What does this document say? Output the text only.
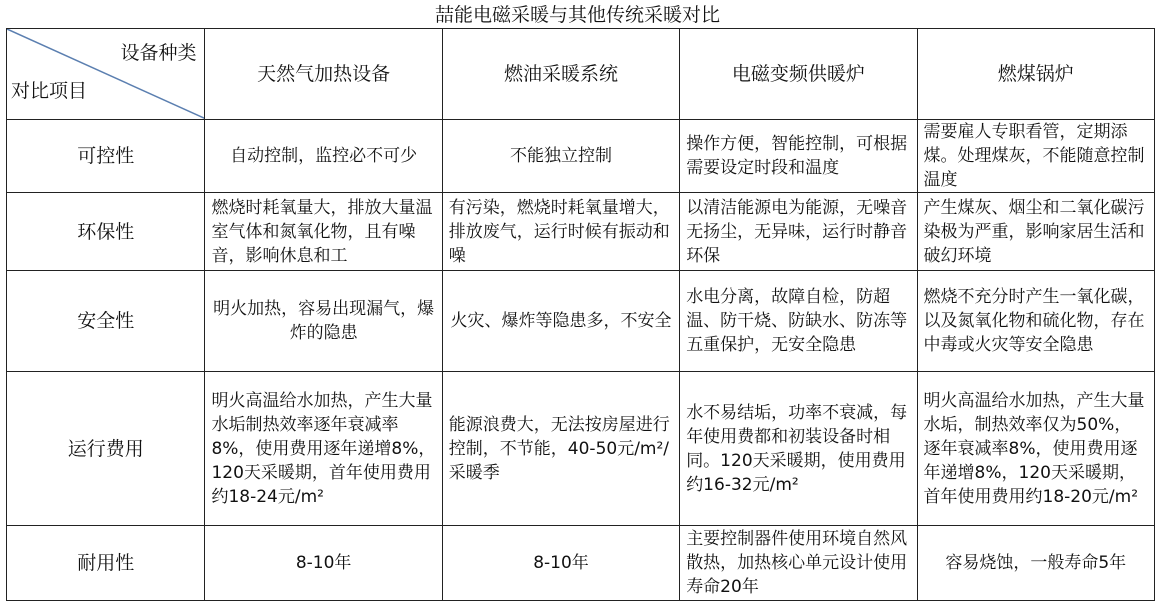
喆能电磁采暖与其他传统采暖对比
设备种类
对比项目	天然气加热设备	燃油采暖系统	电磁变频供暖炉	燃煤锅炉
可控性	自动控制，监控必不可少	不能独立控制	操作方便，智能控制，可根据需要设定时段和温度	需要雇人专职看管，定期添煤。处理煤灰，不能随意控制温度
环保性	燃烧时耗氧量大，排放大量温室气体和氮氧化物，且有噪音，影响休息和工	有污染，燃烧时耗氧量增大，排放废气，运行时候有振动和噪	以清洁能源电为能源，无噪音无扬尘，无异味，运行时静音环保	产生煤灰、烟尘和二氧化碳污染极为严重，影响家居生活和破幻环境
安全性	明火加热，容易出现漏气，爆炸的隐患	火灾、爆炸等隐患多，不安全	水电分离，故障自检，防超温、防干烧、防缺水、防冻等五重保护，无安全隐患	燃烧不充分时产生一氧化碳，以及氮氧化物和硫化物，存在中毒或火灾等安全隐患
运行费用	明火高温给水加热，产生大量水垢制热效率逐年衰减率8%，使用费用逐年递增8%，120天采暖期，首年使用费用约18-24元/m²	能源浪费大，无法按房屋进行控制，不节能，40-50元/m²/采暖季	水不易结垢，功率不衰减，每年使用费都和初装设备时相同。120天采暖期，使用费用约16-32元/m²	明火高温给水加热，产生大量水垢，制热效率仅为50%，逐年衰减率8%，使用费用逐年递增8%，120天采暖期，首年使用费用约18-20元/m²
耐用性	8-10年	8-10年	主要控制器件使用环境自然风散热，加热核心单元设计使用寿命20年	容易烧蚀，一般寿命5年
